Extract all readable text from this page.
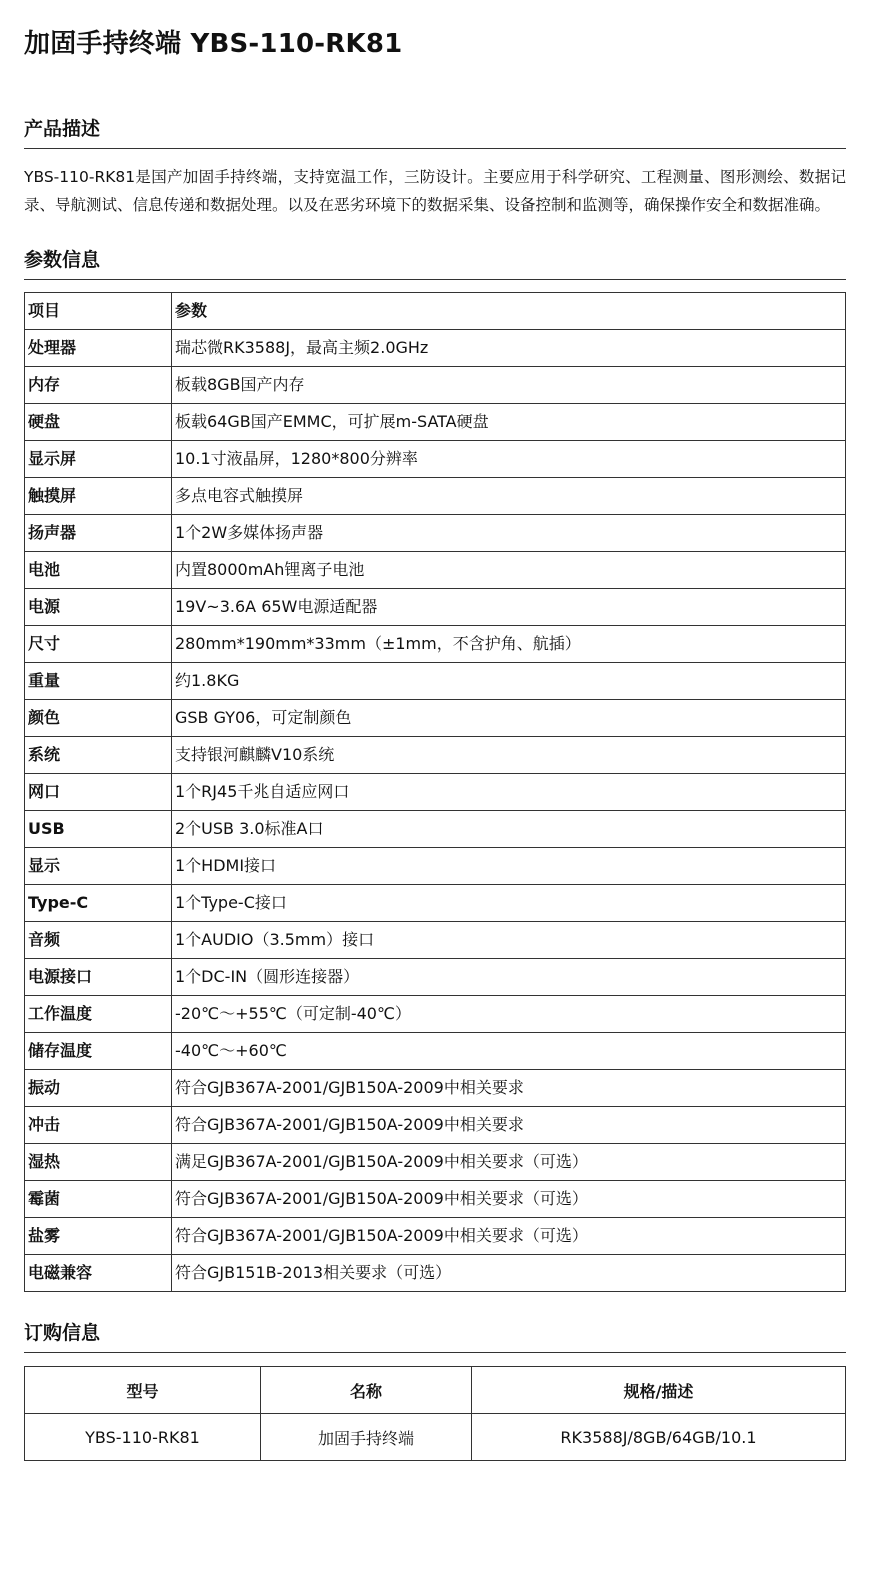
加固手持终端 YBS-110-RK81
产品描述

YBS-110-RK81是国产加固手持终端，支持宽温工作，三防设计。主要应用于科学研究、工程测量、图形测绘、数据记录、导航测试、信息传递和数据处理。以及在恶劣环境下的数据采集、设备控制和监测等，确保操作安全和数据准确。

参数信息
项目	参数
处理器	瑞芯微RK3588J，最高主频2.0GHz
内存	板载8GB国产内存
硬盘	板载64GB国产EMMC，可扩展m-SATA硬盘
显示屏	10.1寸液晶屏，1280*800分辨率
触摸屏	多点电容式触摸屏
扬声器	1个2W多媒体扬声器
电池	内置8000mAh锂离子电池
电源	19V~3.6A 65W电源适配器
尺寸	280mm*190mm*33mm（±1mm，不含护角、航插）
重量	约1.8KG
颜色	GSB GY06，可定制颜色
系统	支持银河麒麟V10系统
网口	1个RJ45千兆自适应网口
USB	2个USB 3.0标准A口
显示	1个HDMI接口
Type-C	1个Type-C接口
音频	1个AUDIO（3.5mm）接口
电源接口	1个DC-IN（圆形连接器）
工作温度	-20℃～+55℃（可定制-40℃）
储存温度	-40℃～+60℃
振动	符合GJB367A-2001/GJB150A-2009中相关要求
冲击	符合GJB367A-2001/GJB150A-2009中相关要求
湿热	满足GJB367A-2001/GJB150A-2009中相关要求（可选）
霉菌	符合GJB367A-2001/GJB150A-2009中相关要求（可选）
盐雾	符合GJB367A-2001/GJB150A-2009中相关要求（可选）
电磁兼容	符合GJB151B-2013相关要求（可选）
订购信息
型号	名称	规格/描述
YBS-110-RK81	加固手持终端	RK3588J/8GB/64GB/10.1
